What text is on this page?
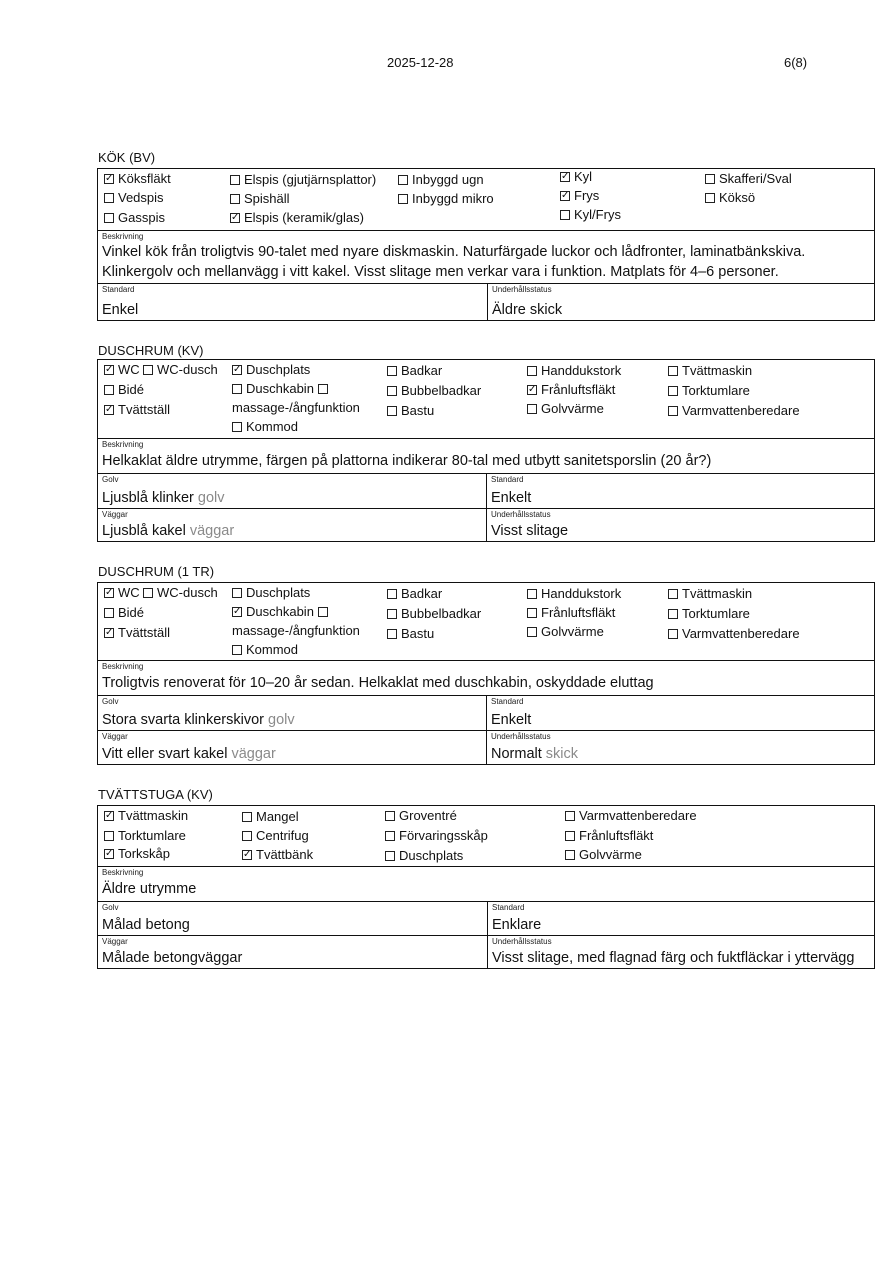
2025-12-28	6(8)
KÖK (BV)
✓Köksfläkt
Vedspis
Gasspis
Elspis (gjutjärnsplattor)
Spishäll
✓Elspis (keramik/glas)
Inbyggd ugn
Inbyggd mikro
✓Kyl
✓Frys
Kyl/Frys
Skafferi/Sval
Köksö
Beskrivning
Vinkel kök från troligtvis 90-talet med nyare diskmaskin. Naturfärgade luckor och lådfronter, laminatbänkskiva.
Klinkergolv och mellanvägg i vitt kakel. Visst slitage men verkar vara i funktion. Matplats för 4–6 personer.
Standard
Enkel
Underhållsstatus
Äldre skick
DUSCHRUM (KV)
✓WC	WC-dusch
Bidé
✓Tvättställ
✓Duschplats
Duschkabin
massage-/ångfunktion
Kommod
Badkar
Bubbelbadkar
Bastu
Handdukstork
✓Frånluftsfläkt
Golvvärme
Tvättmaskin
Torktumlare
Varmvattenberedare
Beskrivning
Helkaklat äldre utrymme, färgen på plattorna indikerar 80-tal med utbytt sanitetsporslin (20 år?)
Golv
Ljusblå klinker golv
Standard
Enkelt
Väggar
Ljusblå kakel väggar
Underhållsstatus
Visst slitage
DUSCHRUM (1 TR)
✓WC	WC-dusch
Bidé
✓Tvättställ
Duschplats
✓Duschkabin
massage-/ångfunktion
Kommod
Badkar
Bubbelbadkar
Bastu
Handdukstork
Frånluftsfläkt
Golvvärme
Tvättmaskin
Torktumlare
Varmvattenberedare
Beskrivning
Troligtvis renoverat för 10–20 år sedan. Helkaklat med duschkabin, oskyddade eluttag
Golv
Stora svarta klinkerskivor golv
Standard
Enkelt
Väggar
Vitt eller svart kakel väggar
Underhållsstatus
Normalt skick
TVÄTTSTUGA (KV)
✓Tvättmaskin
Torktumlare
✓Torkskåp
Mangel
Centrifug
✓Tvättbänk
Groventré
Förvaringsskåp
Duschplats
Varmvattenberedare
Frånluftsfläkt
Golvvärme
Beskrivning
Äldre utrymme
Golv
Målad betong
Standard
Enklare
Väggar
Målade betongväggar
Underhållsstatus
Visst slitage, med flagnad färg och fuktfläckar i yttervägg
